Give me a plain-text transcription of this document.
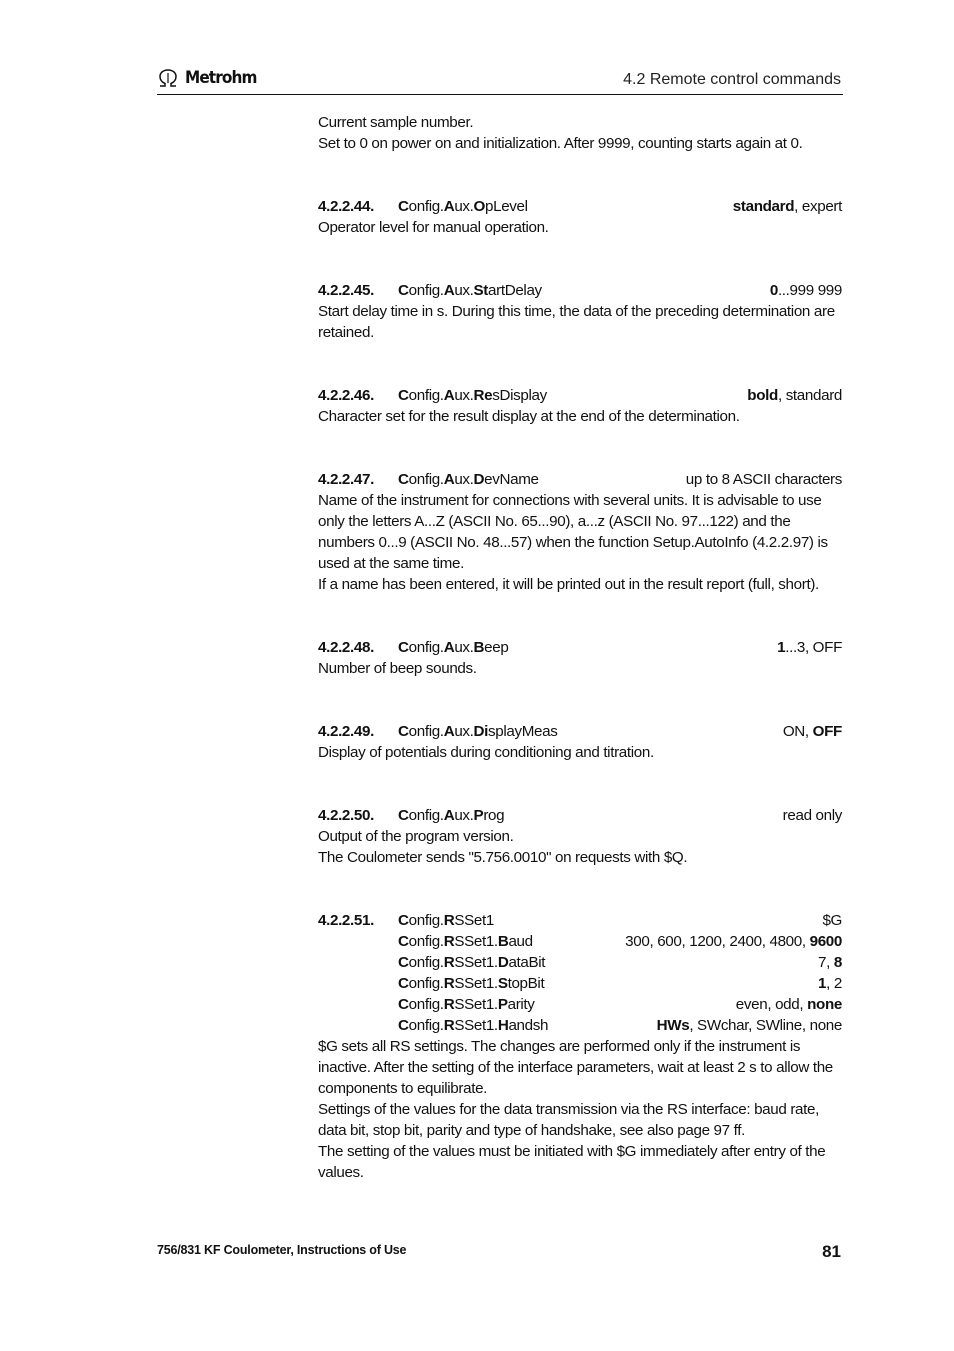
Metrohm	4.2 Remote control commands

Current sample number.

Set to 0 on power on and initialization. After 9999, counting starts again at 0.

4.2.2.44.	Config.Aux.OpLevel	standard, expert

Operator level for manual operation.

4.2.2.45.	Config.Aux.StartDelay	0...999 999

Start delay time in s. During this time, the data of the preceding determination are retained.

4.2.2.46.	Config.Aux.ResDisplay	bold, standard

Character set for the result display at the end of the determination.

4.2.2.47.	Config.Aux.DevName	up to 8 ASCII characters

Name of the instrument for connections with several units. It is advisable to use only the letters A...Z (ASCII No. 65...90), a...z (ASCII No. 97...122) and the numbers 0...9 (ASCII No. 48...57) when the function Setup.AutoInfo (4.2.2.97) is used at the same time.

If a name has been entered, it will be printed out in the result report (full, short).

4.2.2.48.	Config.Aux.Beep	1...3, OFF

Number of beep sounds.

4.2.2.49.	Config.Aux.DisplayMeas	ON, OFF

Display of potentials during conditioning and titration.

4.2.2.50.	Config.Aux.Prog	read only

Output of the program version.

The Coulometer sends "5.756.0010" on requests with $Q.

4.2.2.51.	Config.RSSet1	$G
Config.RSSet1.Baud	300, 600, 1200, 2400, 4800, 9600
Config.RSSet1.DataBit	7, 8
Config.RSSet1.StopBit	1, 2
Config.RSSet1.Parity	even, odd, none
Config.RSSet1.Handsh	HWs, SWchar, SWline, none

$G sets all RS settings. The changes are performed only if the instrument is inactive. After the setting of the interface parameters, wait at least 2 s to allow the components to equilibrate.

Settings of the values for the data transmission via the RS interface: baud rate, data bit, stop bit, parity and type of handshake, see also page 97 ff.

The setting of the values must be initiated with $G immediately after entry of the values.

756/831 KF Coulometer, Instructions of Use	81
